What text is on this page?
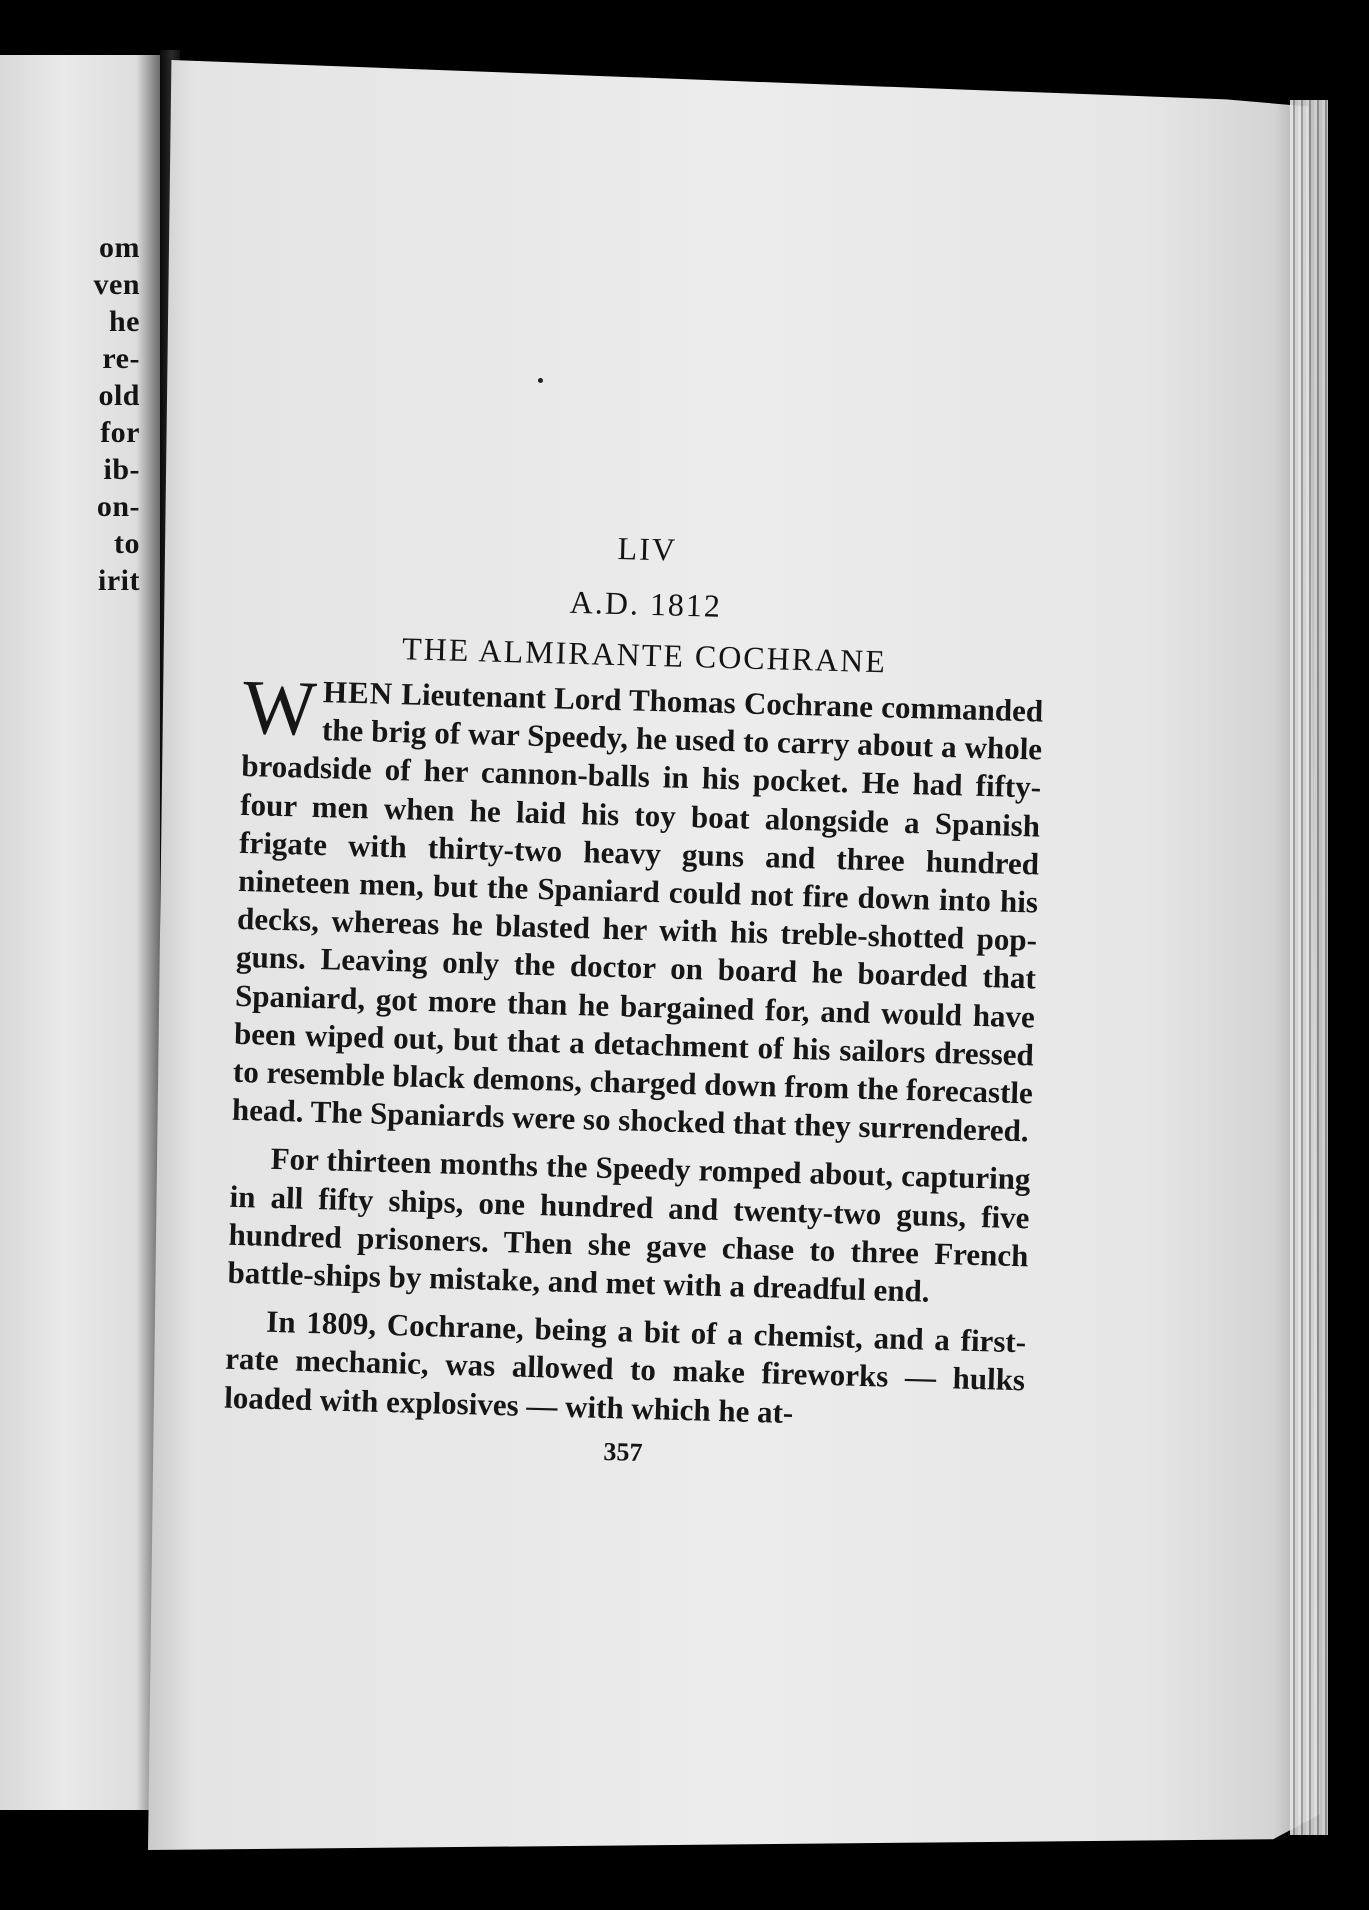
om
ven
he
re-
old
for
ib-
on-
to
irit
LIV
A.D. 1812
THE ALMIRANTE COCHRANE

WHEN Lieutenant Lord Thomas Cochrane commanded the brig of war Speedy, he used to carry about a whole broadside of her cannon-balls in his pocket. He had fifty-four men when he laid his toy boat alongside a Spanish frigate with thirty-two heavy guns and three hundred nineteen men, but the Spaniard could not fire down into his decks, whereas he blasted her with his treble-shotted pop-guns. Leaving only the doctor on board he boarded that Spaniard, got more than he bargained for, and would have been wiped out, but that a detachment of his sailors dressed to resemble black demons, charged down from the forecastle head. The Spaniards were so shocked that they surrendered.

For thirteen months the Speedy romped about, capturing in all fifty ships, one hundred and twenty-two guns, five hundred prisoners. Then she gave chase to three French battle-ships by mistake, and met with a dreadful end.

In 1809, Cochrane, being a bit of a chemist, and a first-rate mechanic, was allowed to make fireworks — hulks loaded with explosives — with which he at-

357
